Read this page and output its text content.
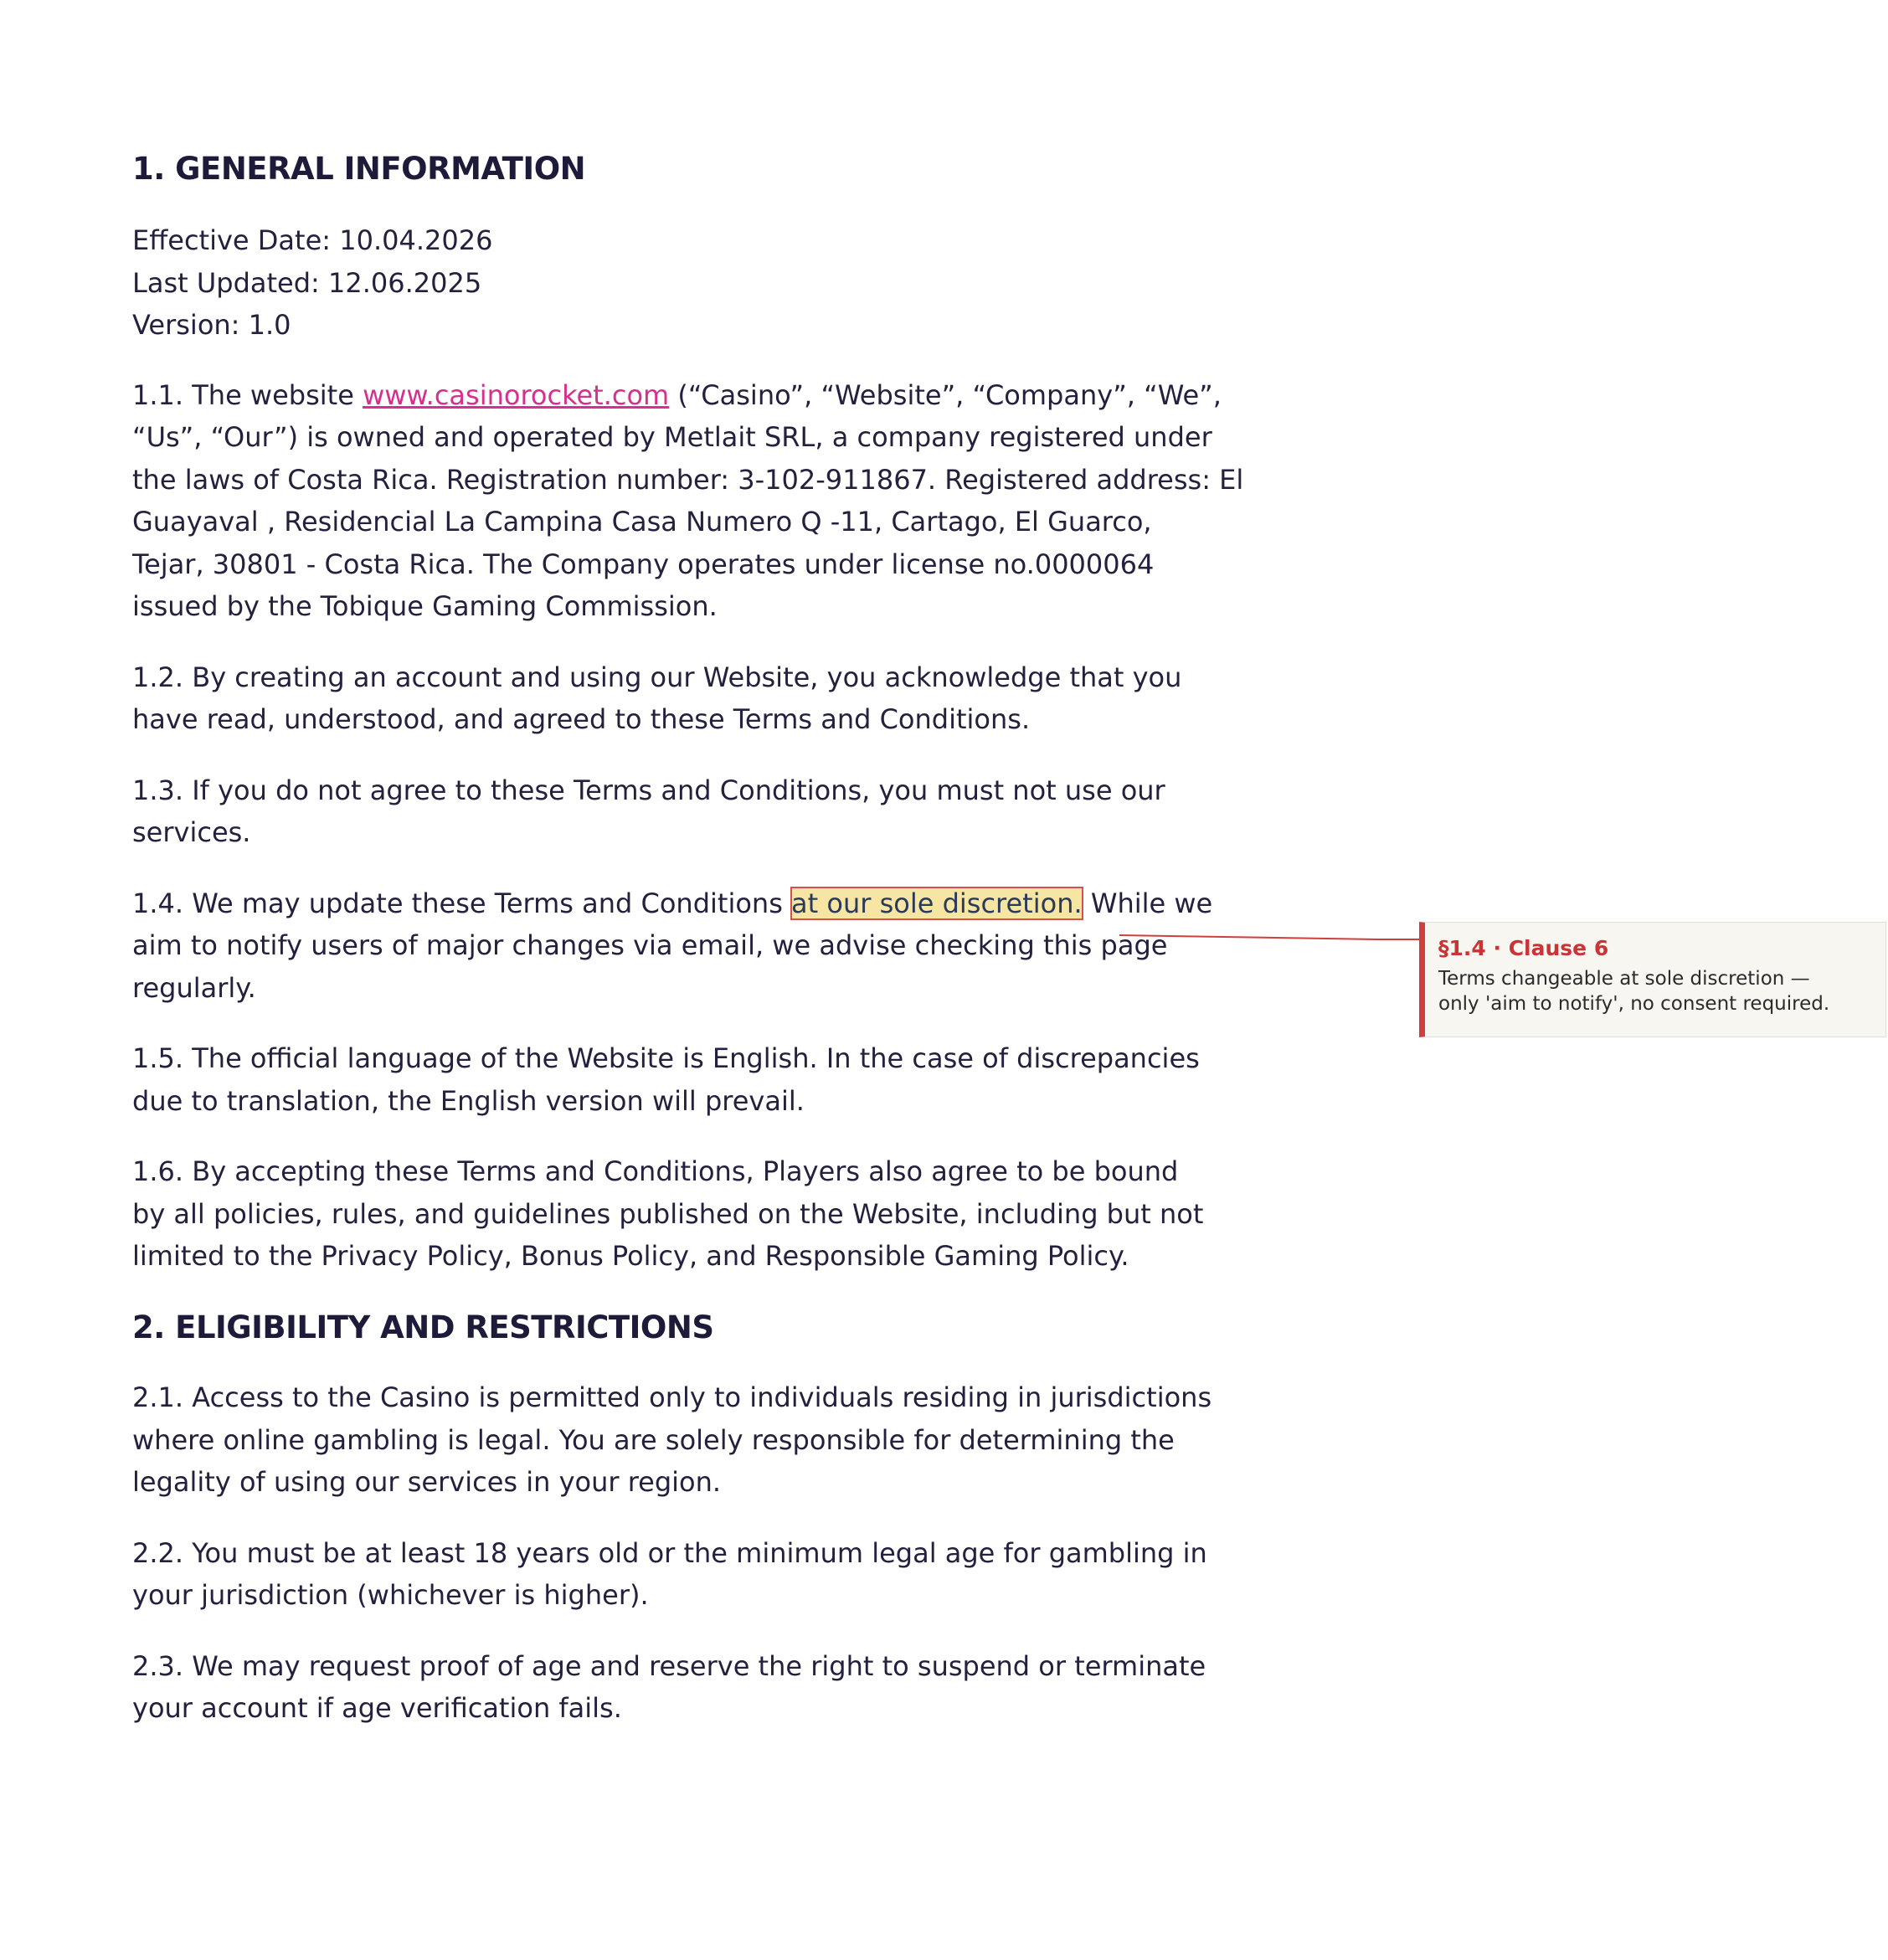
1. GENERAL INFORMATION

Effective Date: 10.04.2026

Last Updated: 12.06.2025

Version: 1.0

1.1. The website www.casinorocket.com (“Casino”, “Website”, “Company”, “We”,
“Us”, “Our”) is owned and operated by Metlait SRL, a company registered under
the laws of Costa Rica. Registration number: 3-102-911867. Registered address: El
Guayaval , Residencial La Campina Casa Numero Q -11, Cartago, El Guarco,
Tejar, 30801 - Costa Rica. The Company operates under license no.0000064
issued by the Tobique Gaming Commission.

1.2. By creating an account and using our Website, you acknowledge that you
have read, understood, and agreed to these Terms and Conditions.

1.3. If you do not agree to these Terms and Conditions, you must not use our
services.

1.4. We may update these Terms and Conditions at our sole discretion. While we
aim to notify users of major changes via email, we advise checking this page
regularly.

1.5. The official language of the Website is English. In the case of discrepancies
due to translation, the English version will prevail.

1.6. By accepting these Terms and Conditions, Players also agree to be bound
by all policies, rules, and guidelines published on the Website, including but not
limited to the Privacy Policy, Bonus Policy, and Responsible Gaming Policy.

2. ELIGIBILITY AND RESTRICTIONS

2.1. Access to the Casino is permitted only to individuals residing in jurisdictions
where online gambling is legal. You are solely responsible for determining the
legality of using our services in your region.

2.2. You must be at least 18 years old or the minimum legal age for gambling in
your jurisdiction (whichever is higher).

2.3. We may request proof of age and reserve the right to suspend or terminate
your account if age verification fails.

§1.4 · Clause 6

Terms changeable at sole discretion —
only 'aim to notify', no consent required.
